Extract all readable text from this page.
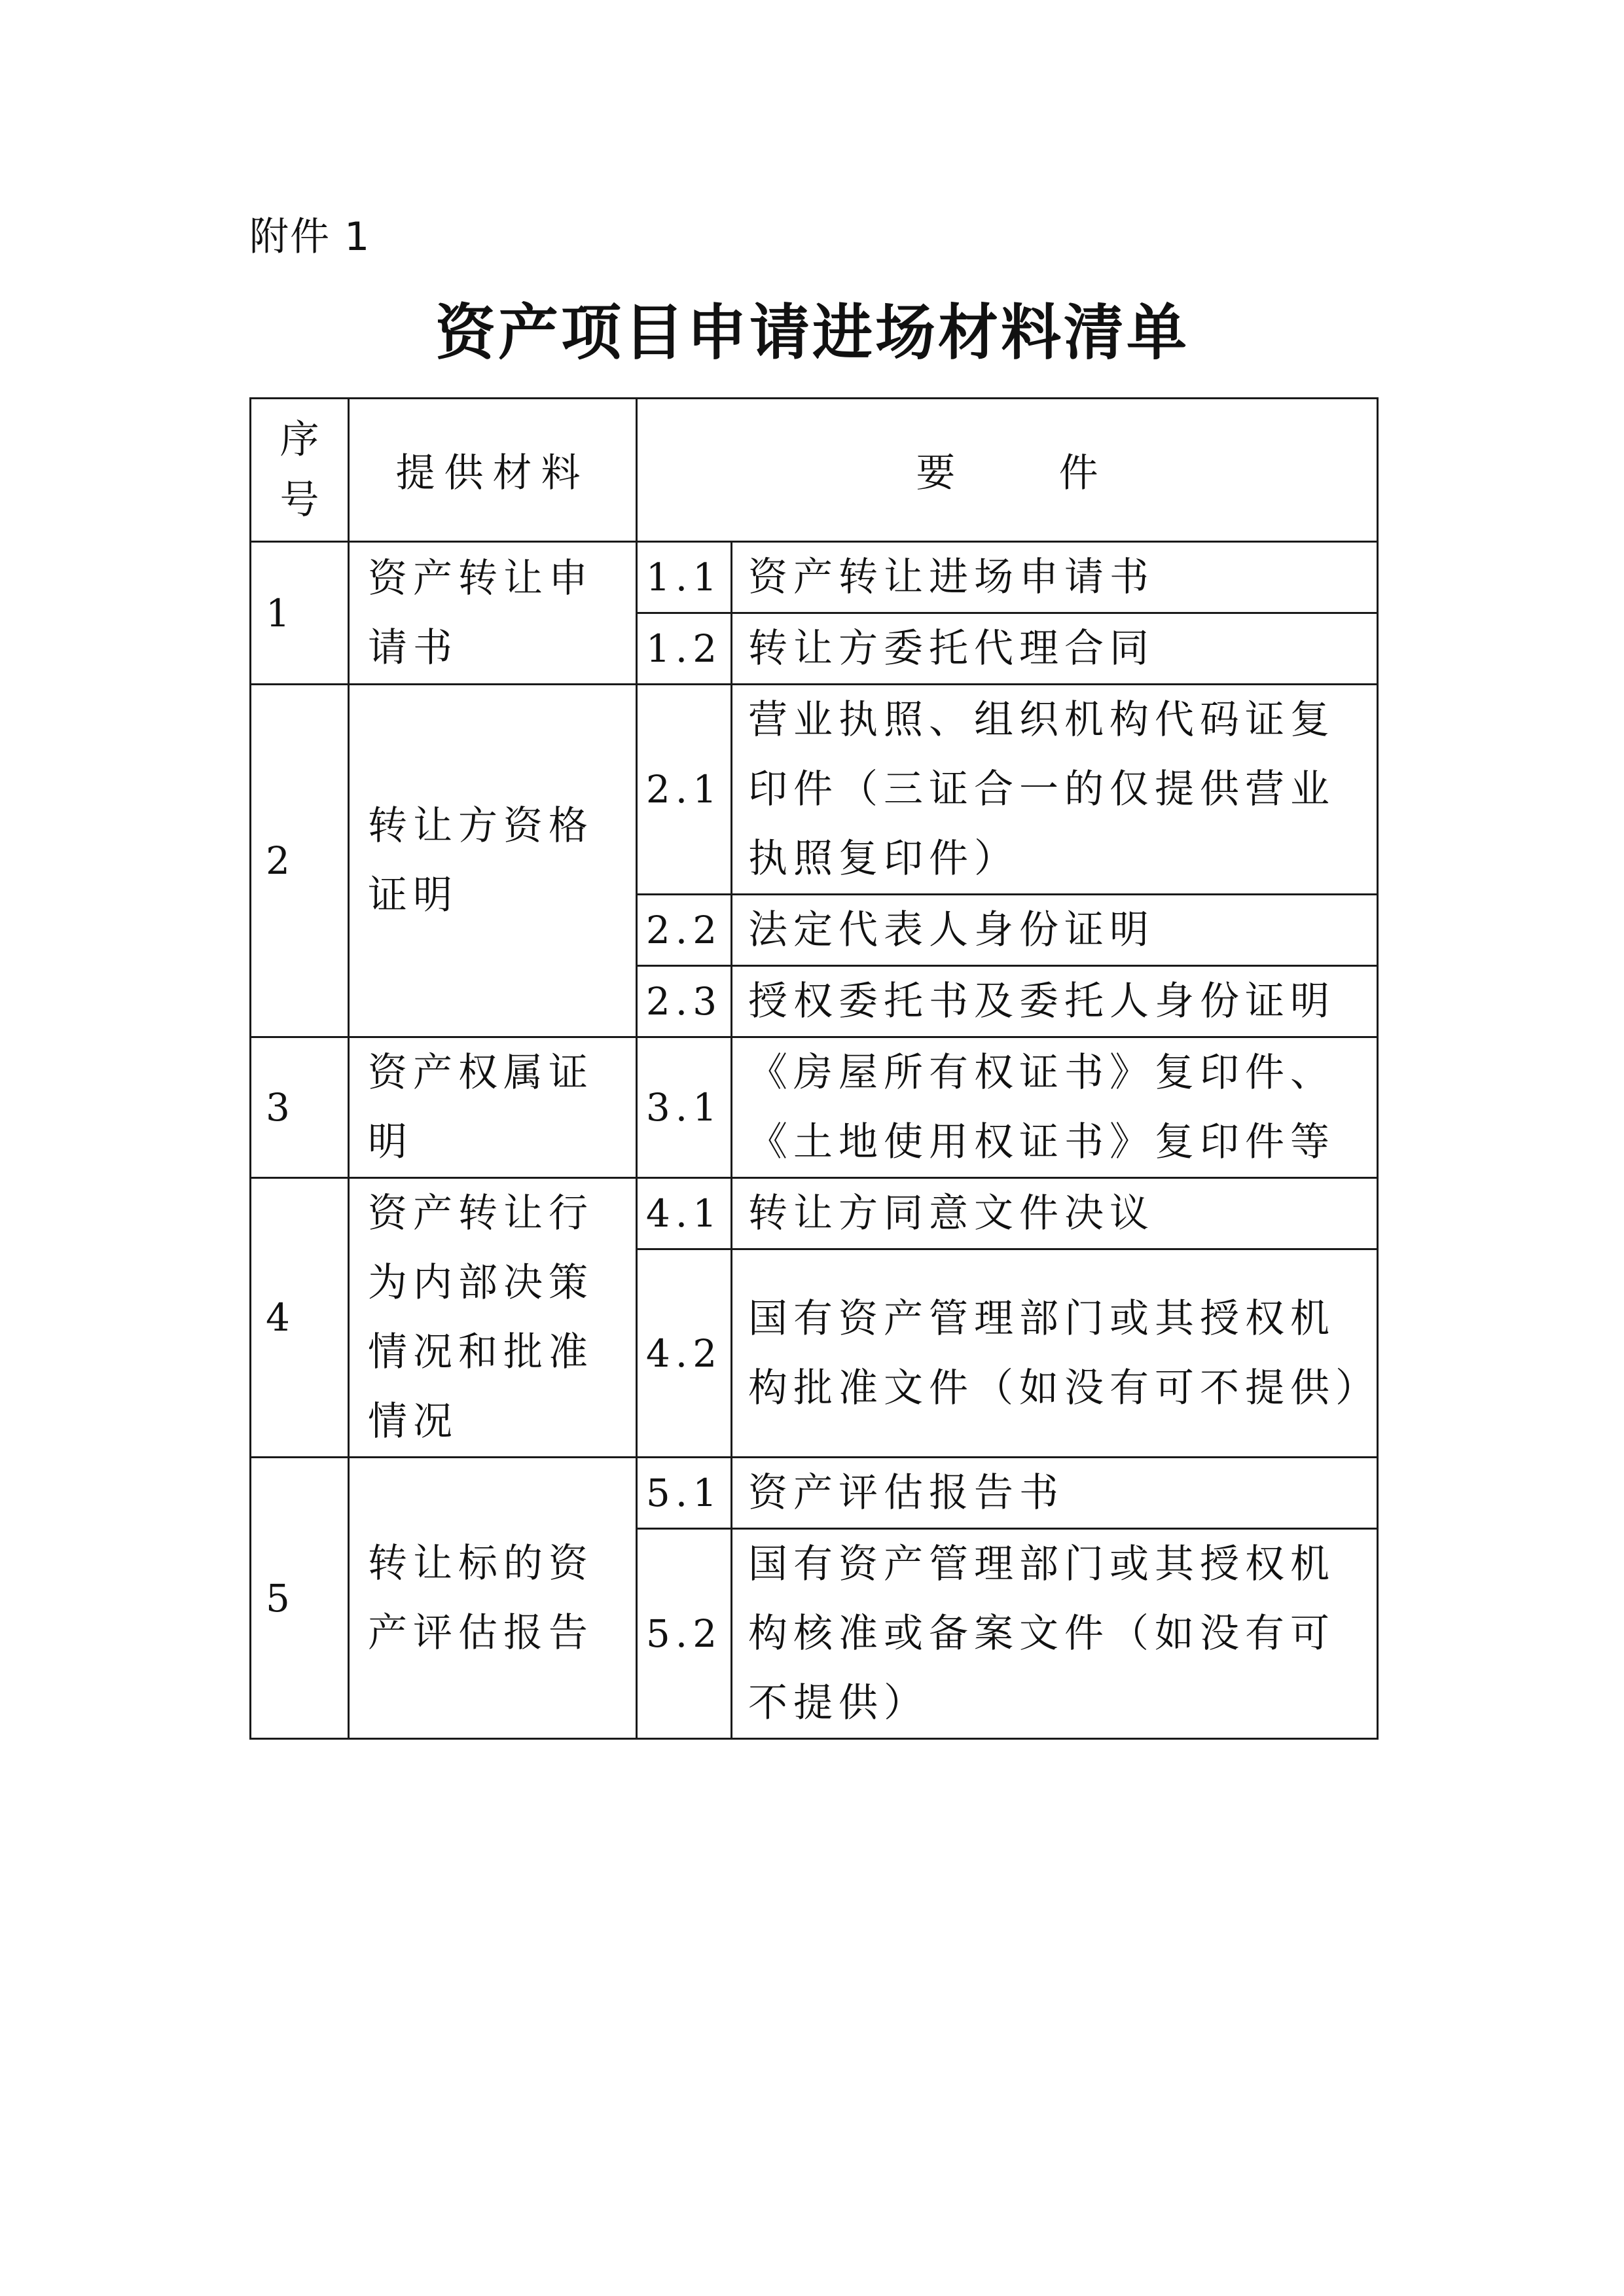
附件 1
资产项目申请进场材料清单
序
号	提供材料	要 件	
1	资产转让申请书	1.1	资产转让进场申请书
		1.2	转让方委托代理合同
2	转让方资格证明	2.1	营业执照、组织机构代码证复印件（三证合一的仅提供营业执照复印件）
		2.2	法定代表人身份证明
		2.3	授权委托书及委托人身份证明
3	资产权属证明	3.1	《房屋所有权证书》复印件、《土地使用权证书》复印件等
4	资产转让行为内部决策情况和批准情况	4.1	转让方同意文件决议
		4.2	国有资产管理部门或其授权机构批准文件（如没有可不提供）
5	转让标的资产评估报告	5.1	资产评估报告书
		5.2	国有资产管理部门或其授权机构核准或备案文件（如没有可不提供）
